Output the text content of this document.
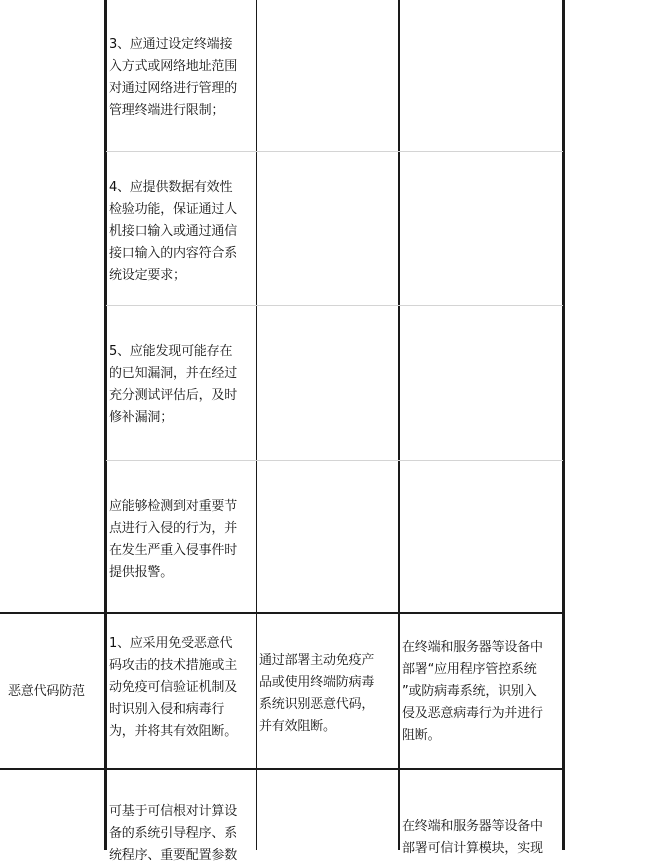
3、应通过设定终端接
入方式或网络地址范围
对通过网络进行管理的
管理终端进行限制；
4、应提供数据有效性
检验功能，保证通过人
机接口输入或通过通信
接口输入的内容符合系
统设定要求；
5、应能发现可能存在
的已知漏洞，并在经过
充分测试评估后，及时
修补漏洞；
应能够检测到对重要节
点进行入侵的行为，并
在发生严重入侵事件时
提供报警。
恶意代码防范
1、应采用免受恶意代
码攻击的技术措施或主
动免疫可信验证机制及
时识别入侵和病毒行
为，并将其有效阻断。
通过部署主动免疫产
品或使用终端防病毒
系统识别恶意代码，
并有效阻断。
在终端和服务器等设备中
部署“应用程序管控系统
”或防病毒系统，识别入
侵及恶意病毒行为并进行
阻断。
可基于可信根对计算设
备的系统引导程序、系
统程序、重要配置参数
在终端和服务器等设备中
部署可信计算模块，实现
